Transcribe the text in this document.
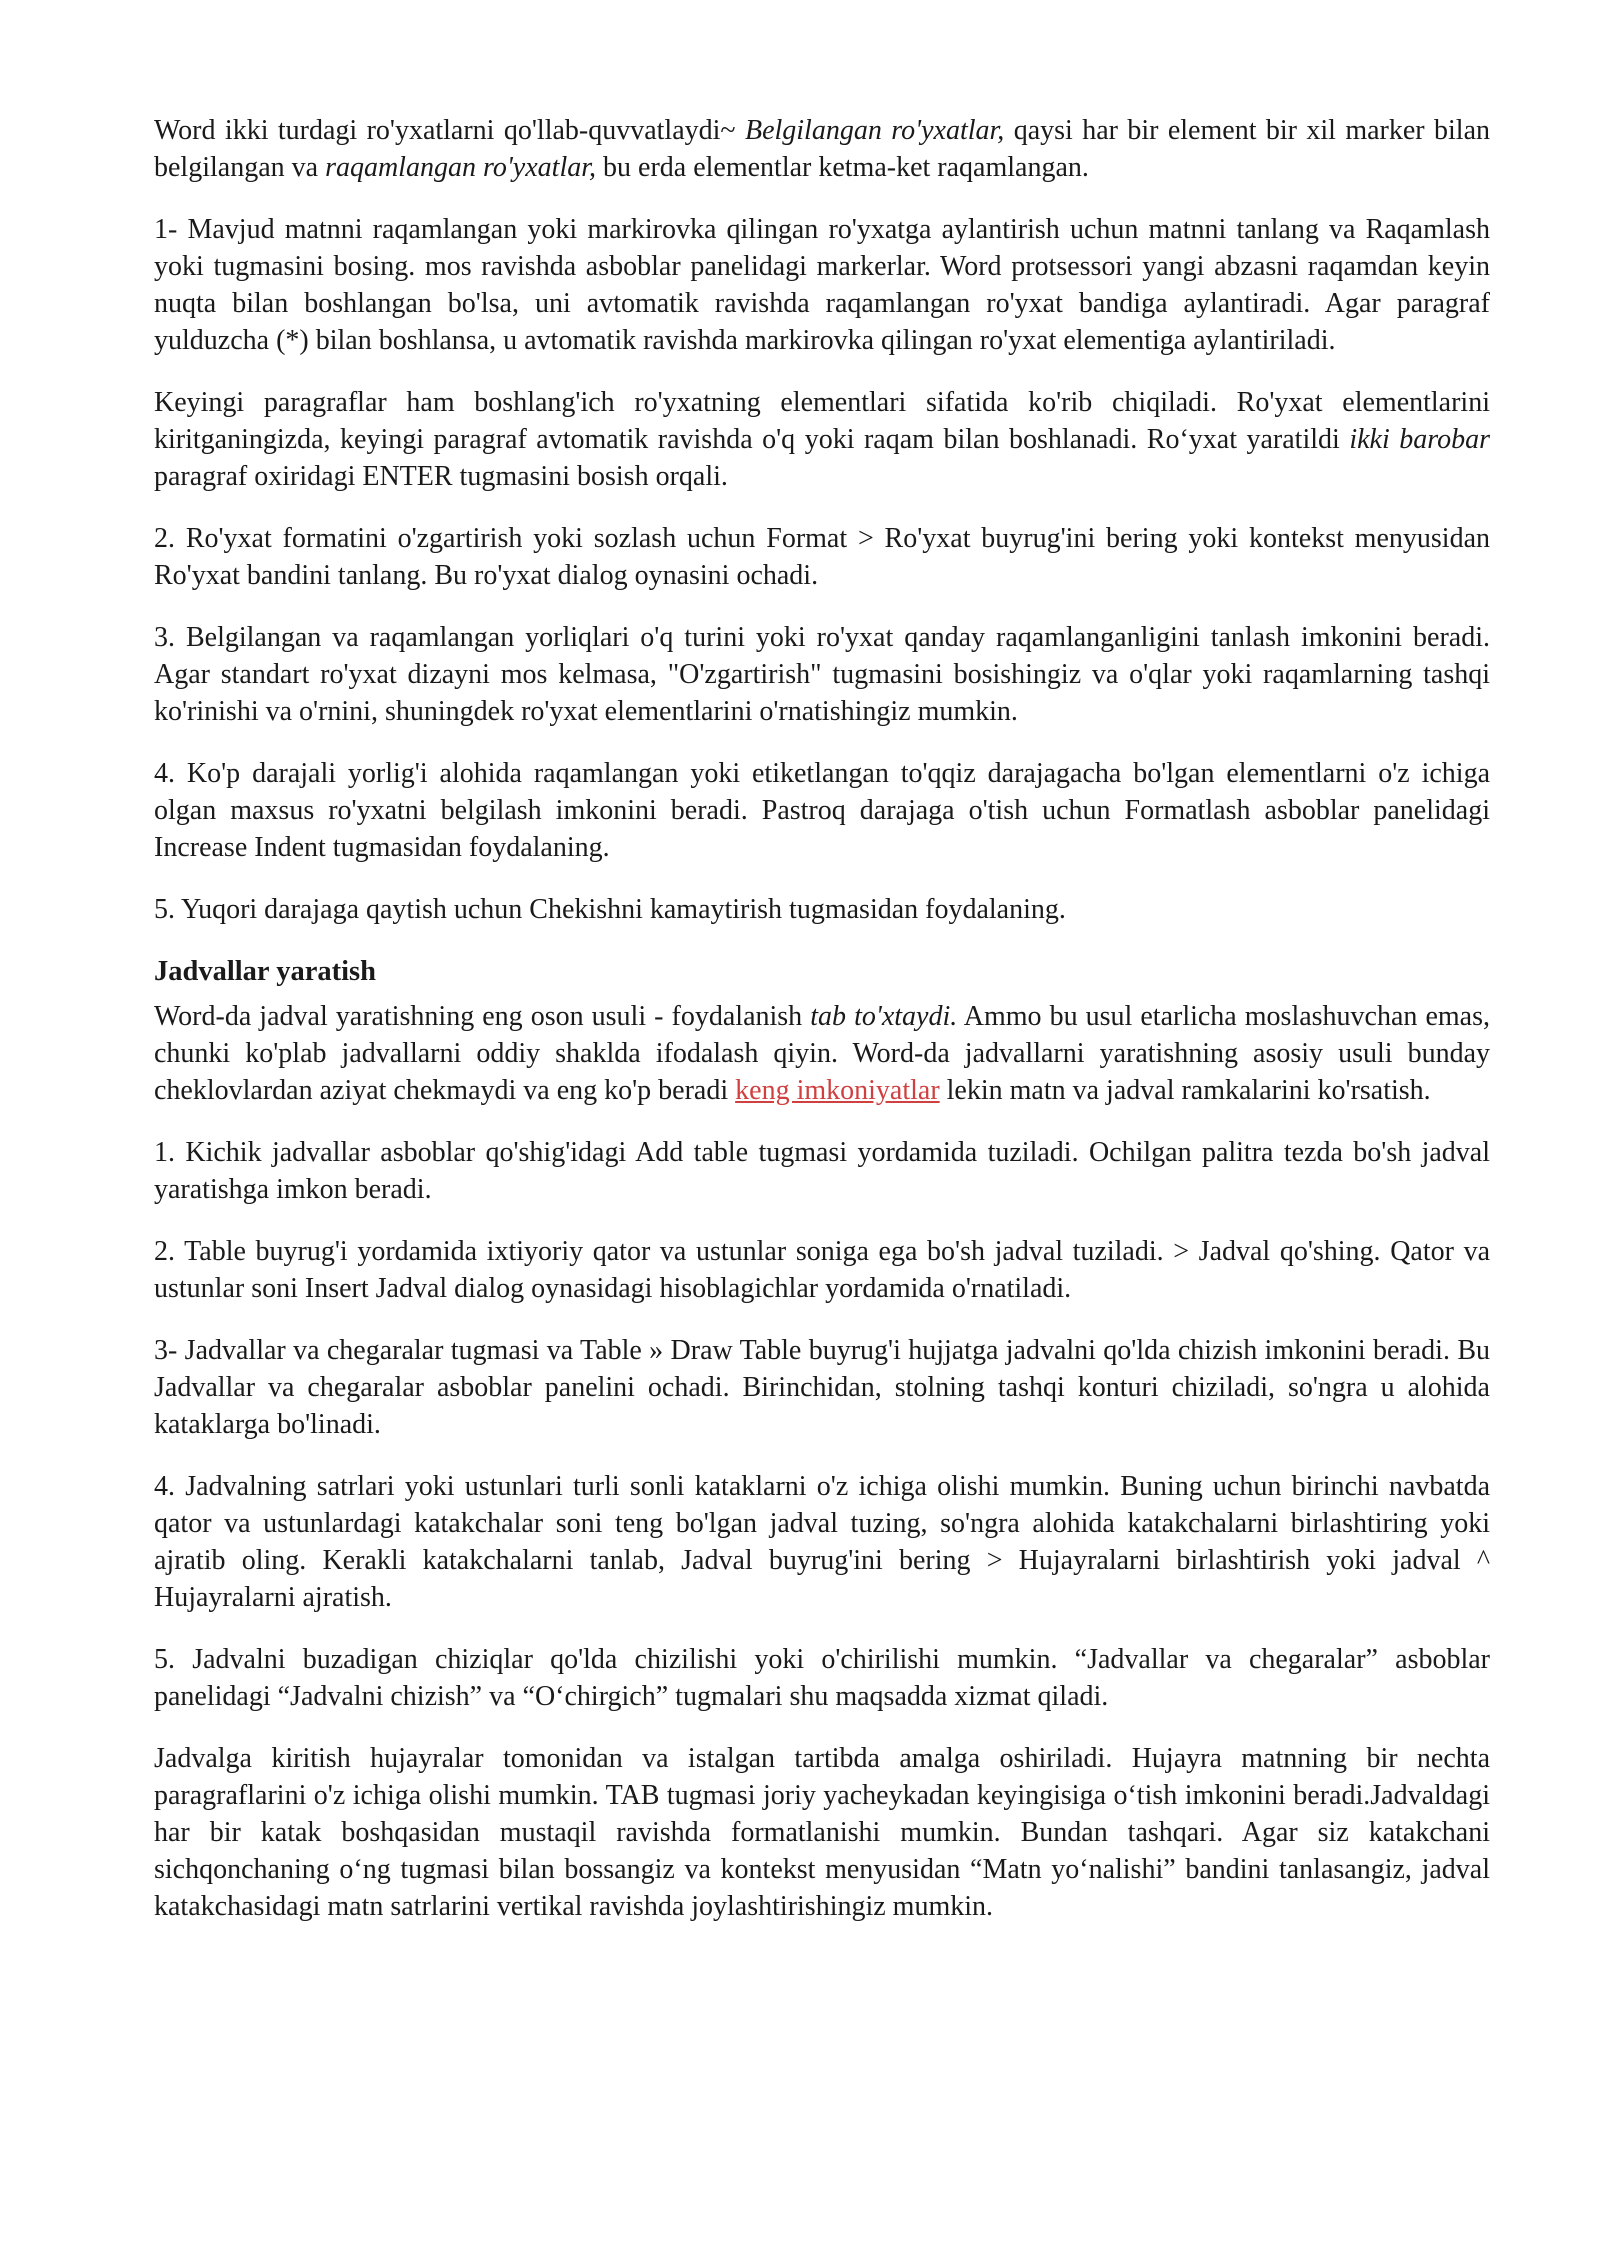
Word ikki turdagi ro'yxatlarni qo'llab-quvvatlaydi~ Belgilangan ro'yxatlar, qaysi har bir element bir xil marker bilan belgilangan va raqamlangan ro'yxatlar, bu erda elementlar ketma-ket raqamlangan.

1- Mavjud matnni raqamlangan yoki markirovka qilingan ro'yxatga aylantirish uchun matnni tanlang va Raqamlash yoki tugmasini bosing. mos ravishda asboblar panelidagi markerlar. Word protsessori yangi abzasni raqamdan keyin nuqta bilan boshlangan bo'lsa, uni avtomatik ravishda raqamlangan ro'yxat bandiga aylantiradi. Agar paragraf yulduzcha (*) bilan boshlansa, u avtomatik ravishda markirovka qilingan ro'yxat elementiga aylantiriladi.

Keyingi paragraflar ham boshlang'ich ro'yxatning elementlari sifatida ko'rib chiqiladi. Ro'yxat elementlarini kiritganingizda, keyingi paragraf avtomatik ravishda o'q yoki raqam bilan boshlanadi. Ro‘yxat yaratildi ikki barobar paragraf oxiridagi ENTER tugmasini bosish orqali.

2. Ro'yxat formatini o'zgartirish yoki sozlash uchun Format > Ro'yxat buyrug'ini bering yoki kontekst menyusidan Ro'yxat bandini tanlang. Bu ro'yxat dialog oynasini ochadi.

3. Belgilangan va raqamlangan yorliqlari o'q turini yoki ro'yxat qanday raqamlanganligini tanlash imkonini beradi. Agar standart ro'yxat dizayni mos kelmasa, "O'zgartirish" tugmasini bosishingiz va o'qlar yoki raqamlarning tashqi ko'rinishi va o'rnini, shuningdek ro'yxat elementlarini o'rnatishingiz mumkin.

4. Ko'p darajali yorlig'i alohida raqamlangan yoki etiketlangan to'qqiz darajagacha bo'lgan elementlarni o'z ichiga olgan maxsus ro'yxatni belgilash imkonini beradi. Pastroq darajaga o'tish uchun Formatlash asboblar panelidagi Increase Indent tugmasidan foydalaning.

5. Yuqori darajaga qaytish uchun Chekishni kamaytirish tugmasidan foydalaning.

Jadvallar yaratish

Word-da jadval yaratishning eng oson usuli - foydalanish tab to'xtaydi. Ammo bu usul etarlicha moslashuvchan emas, chunki ko'plab jadvallarni oddiy shaklda ifodalash qiyin. Word-da jadvallarni yaratishning asosiy usuli bunday cheklovlardan aziyat chekmaydi va eng ko'p beradi keng imkoniyatlar lekin matn va jadval ramkalarini ko'rsatish.

1. Kichik jadvallar asboblar qo'shig'idagi Add table tugmasi yordamida tuziladi. Ochilgan palitra tezda bo'sh jadval yaratishga imkon beradi.

2. Table buyrug'i yordamida ixtiyoriy qator va ustunlar soniga ega bo'sh jadval tuziladi. > Jadval qo'shing. Qator va ustunlar soni Insert Jadval dialog oynasidagi hisoblagichlar yordamida o'rnatiladi.

3- Jadvallar va chegaralar tugmasi va Table » Draw Table buyrug'i hujjatga jadvalni qo'lda chizish imkonini beradi. Bu Jadvallar va chegaralar asboblar panelini ochadi. Birinchidan, stolning tashqi konturi chiziladi, so'ngra u alohida kataklarga bo'linadi.

4. Jadvalning satrlari yoki ustunlari turli sonli kataklarni o'z ichiga olishi mumkin. Buning uchun birinchi navbatda qator va ustunlardagi katakchalar soni teng bo'lgan jadval tuzing, so'ngra alohida katakchalarni birlashtiring yoki ajratib oling. Kerakli katakchalarni tanlab, Jadval buyrug'ini bering > Hujayralarni birlashtirish yoki jadval ^ Hujayralarni ajratish.

5. Jadvalni buzadigan chiziqlar qo'lda chizilishi yoki o'chirilishi mumkin. “Jadvallar va chegaralar” asboblar panelidagi “Jadvalni chizish” va “O‘chirgich” tugmalari shu maqsadda xizmat qiladi.

Jadvalga kiritish hujayralar tomonidan va istalgan tartibda amalga oshiriladi. Hujayra matnning bir nechta paragraflarini o'z ichiga olishi mumkin. TAB tugmasi joriy yacheykadan keyingisiga o‘tish imkonini beradi.Jadvaldagi har bir katak boshqasidan mustaqil ravishda formatlanishi mumkin. Bundan tashqari. Agar siz katakchani sichqonchaning o‘ng tugmasi bilan bossangiz va kontekst menyusidan “Matn yo‘nalishi” bandini tanlasangiz, jadval katakchasidagi matn satrlarini vertikal ravishda joylashtirishingiz mumkin.
